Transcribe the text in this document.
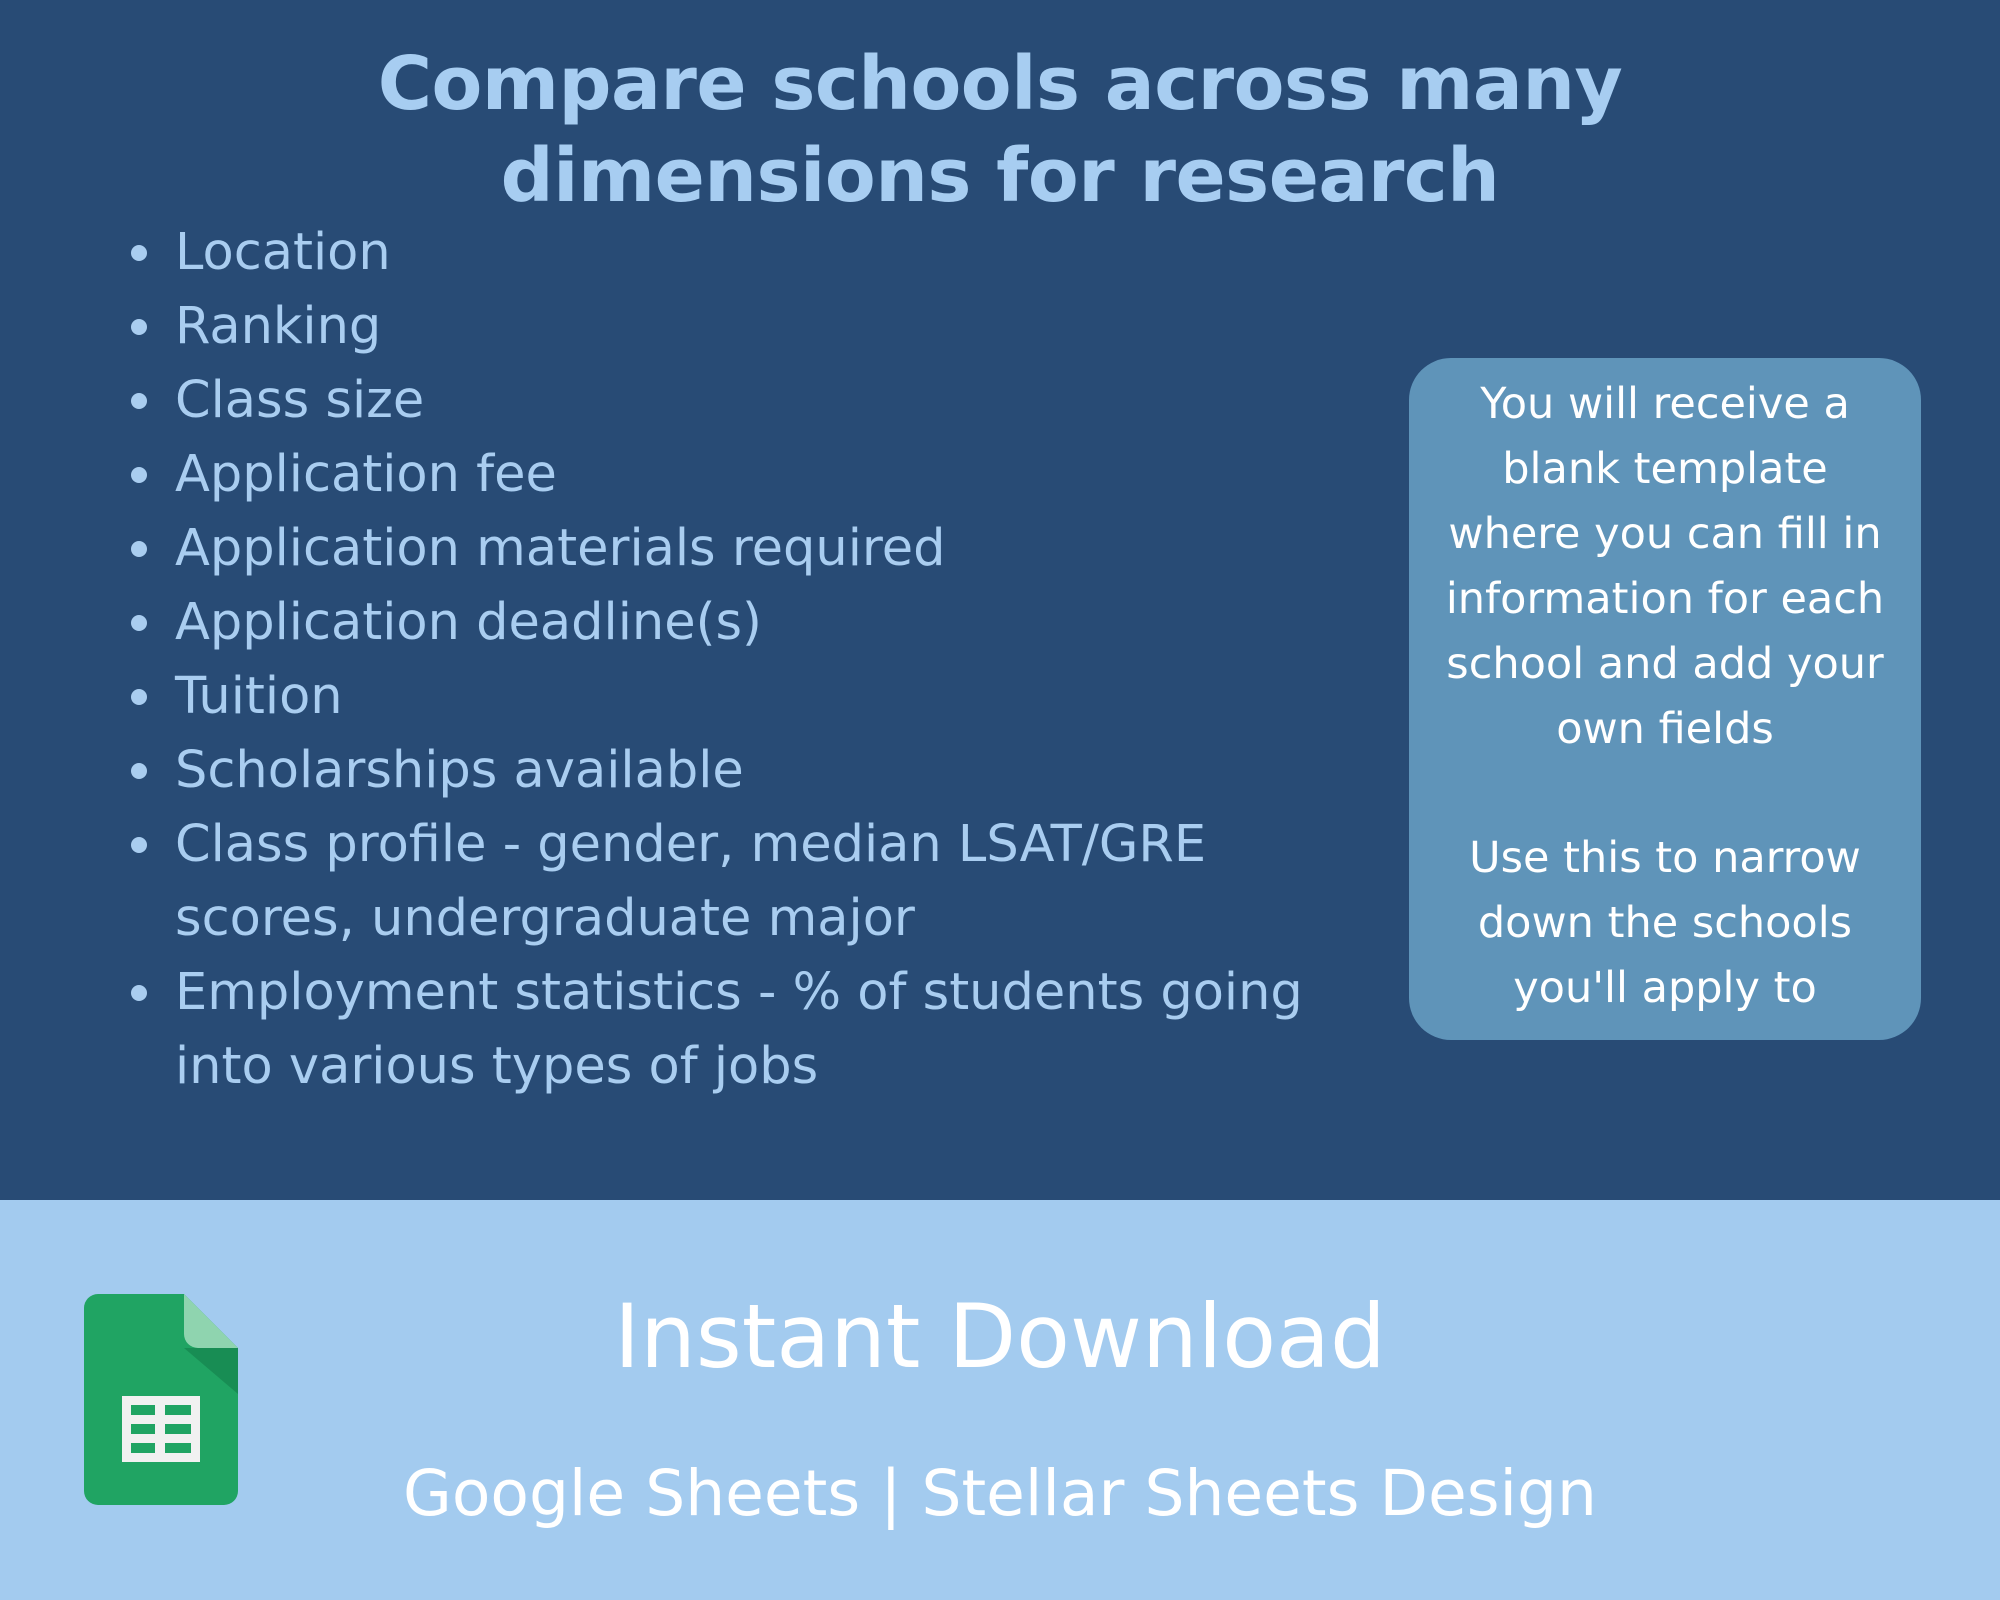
Compare schools across many
dimensions for research
Location
Ranking
Class size
Application fee
Application materials required
Application deadline(s)
Tuition
Scholarships available
Class profile - gender, median LSAT/GRE
scores, undergraduate major
Employment statistics - % of students going
into various types of jobs

You will receive a

blank template

where you can fill in

information for each

school and add your

own fields

Use this to narrow

down the schools

you'll apply to

Instant Download
Google Sheets | Stellar Sheets Design
